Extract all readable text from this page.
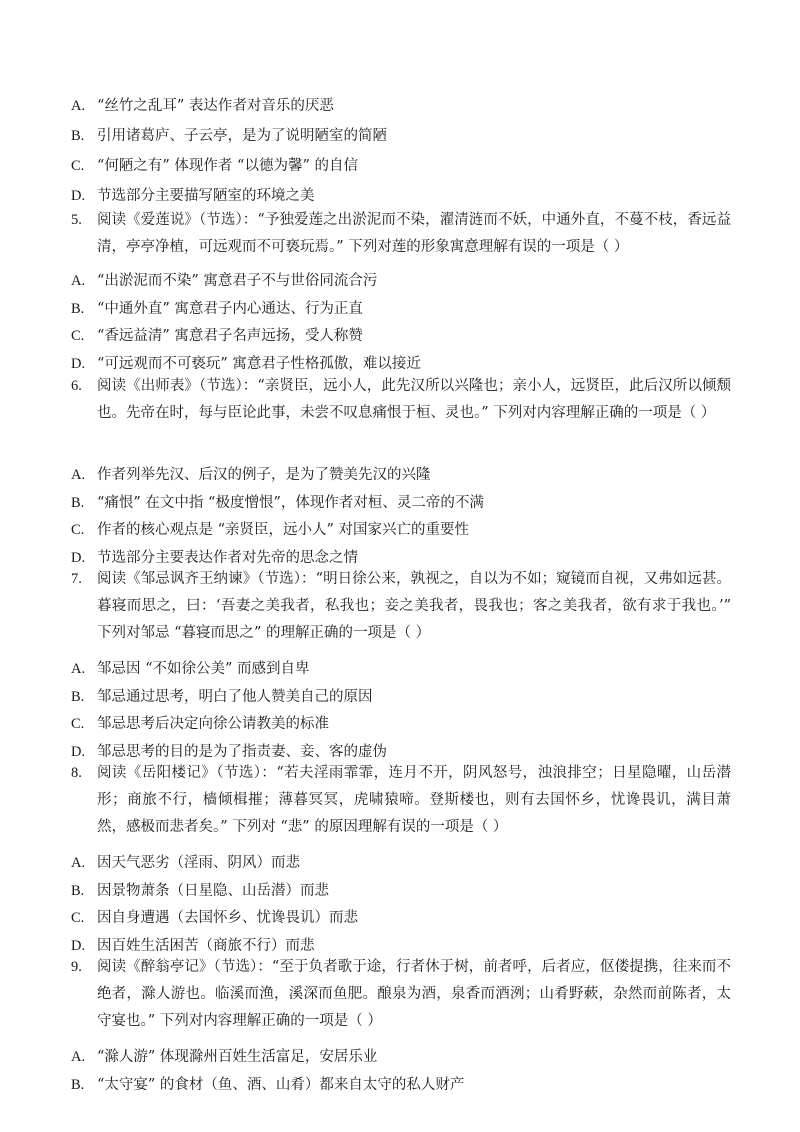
A. “丝竹之乱耳” 表达作者对音乐的厌恶
B. 引用诸葛庐、子云亭，是为了说明陋室的简陋
C. “何陋之有” 体现作者 “以德为馨” 的自信
D. 节选部分主要描写陋室的环境之美
5. 阅读《爱莲说》（节选）：“予独爱莲之出淤泥而不染，濯清涟而不妖，中通外直，不蔓不枝，香远益清，亭亭净植，可远观而不可亵玩焉。” 下列对莲的形象寓意理解有误的一项是（ ）
A. “出淤泥而不染” 寓意君子不与世俗同流合污
B. “中通外直” 寓意君子内心通达、行为正直
C. “香远益清” 寓意君子名声远扬，受人称赞
D. “可远观而不可亵玩” 寓意君子性格孤傲，难以接近
6. 阅读《出师表》（节选）：“亲贤臣，远小人，此先汉所以兴隆也；亲小人，远贤臣，此后汉所以倾颓也。先帝在时，每与臣论此事，未尝不叹息痛恨于桓、灵也。” 下列对内容理解正确的一项是（ ）
A. 作者列举先汉、后汉的例子，是为了赞美先汉的兴隆
B. “痛恨” 在文中指 “极度憎恨”，体现作者对桓、灵二帝的不满
C. 作者的核心观点是 “亲贤臣，远小人” 对国家兴亡的重要性
D. 节选部分主要表达作者对先帝的思念之情
7. 阅读《邹忌讽齐王纳谏》（节选）：“明日徐公来，孰视之，自以为不如；窥镜而自视，又弗如远甚。暮寝而思之，曰：‘吾妻之美我者，私我也；妾之美我者，畏我也；客之美我者，欲有求于我也。’” 下列对邹忌 “暮寝而思之” 的理解正确的一项是（ ）
A. 邹忌因 “不如徐公美” 而感到自卑
B. 邹忌通过思考，明白了他人赞美自己的原因
C. 邹忌思考后决定向徐公请教美的标准
D. 邹忌思考的目的是为了指责妻、妾、客的虚伪
8. 阅读《岳阳楼记》（节选）：“若夫淫雨霏霏，连月不开，阴风怒号，浊浪排空；日星隐曜，山岳潜形；商旅不行，樯倾楫摧；薄暮冥冥，虎啸猿啼。登斯楼也，则有去国怀乡，忧谗畏讥，满目萧然，感极而悲者矣。” 下列对 “悲” 的原因理解有误的一项是（ ）
A. 因天气恶劣（淫雨、阴风）而悲
B. 因景物萧条（日星隐、山岳潜）而悲
C. 因自身遭遇（去国怀乡、忧谗畏讥）而悲
D. 因百姓生活困苦（商旅不行）而悲
9. 阅读《醉翁亭记》（节选）：“至于负者歌于途，行者休于树，前者呼，后者应，伛偻提携，往来而不绝者，滁人游也。临溪而渔，溪深而鱼肥。酿泉为酒，泉香而酒洌；山肴野蔌，杂然而前陈者，太守宴也。” 下列对内容理解正确的一项是（ ）
A. “滁人游” 体现滁州百姓生活富足，安居乐业
B. “太守宴” 的食材（鱼、酒、山肴）都来自太守的私人财产
